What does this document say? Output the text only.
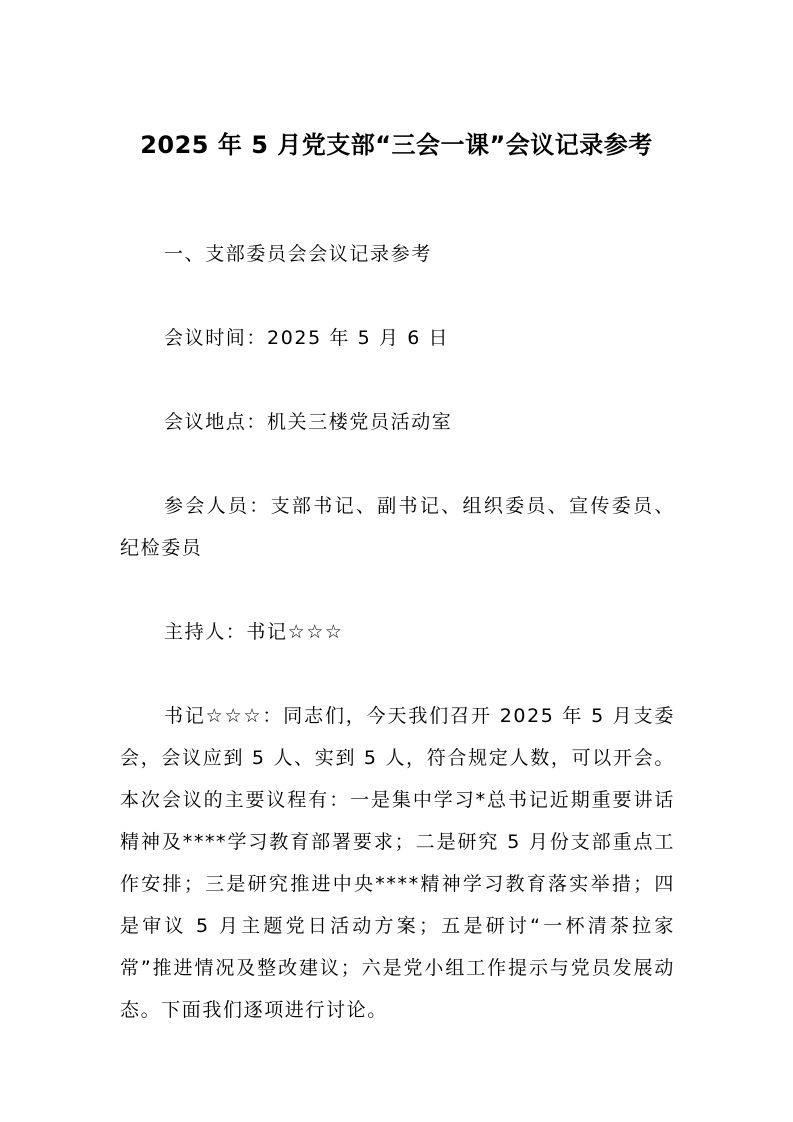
2025 年 5 月党支部“三会一课”会议记录参考

一、支部委员会会议记录参考

会议时间：2025 年 5 月 6 日

会议地点：机关三楼党员活动室

参会人员：支部书记、副书记、组织委员、宣传委员、纪检委员

主持人：书记☆☆☆

书记☆☆☆：同志们，今天我们召开 2025 年 5 月支委会，会议应到 5 人、实到 5 人，符合规定人数，可以开会。本次会议的主要议程有：一是集中学习*总书记近期重要讲话精神及****学习教育部署要求；二是研究 5 月份支部重点工作安排；三是研究推进中央****精神学习教育落实举措；四是审议 5 月主题党日活动方案；五是研讨“一杯清茶拉家常”推进情况及整改建议；六是党小组工作提示与党员发展动态。下面我们逐项进行讨论。
